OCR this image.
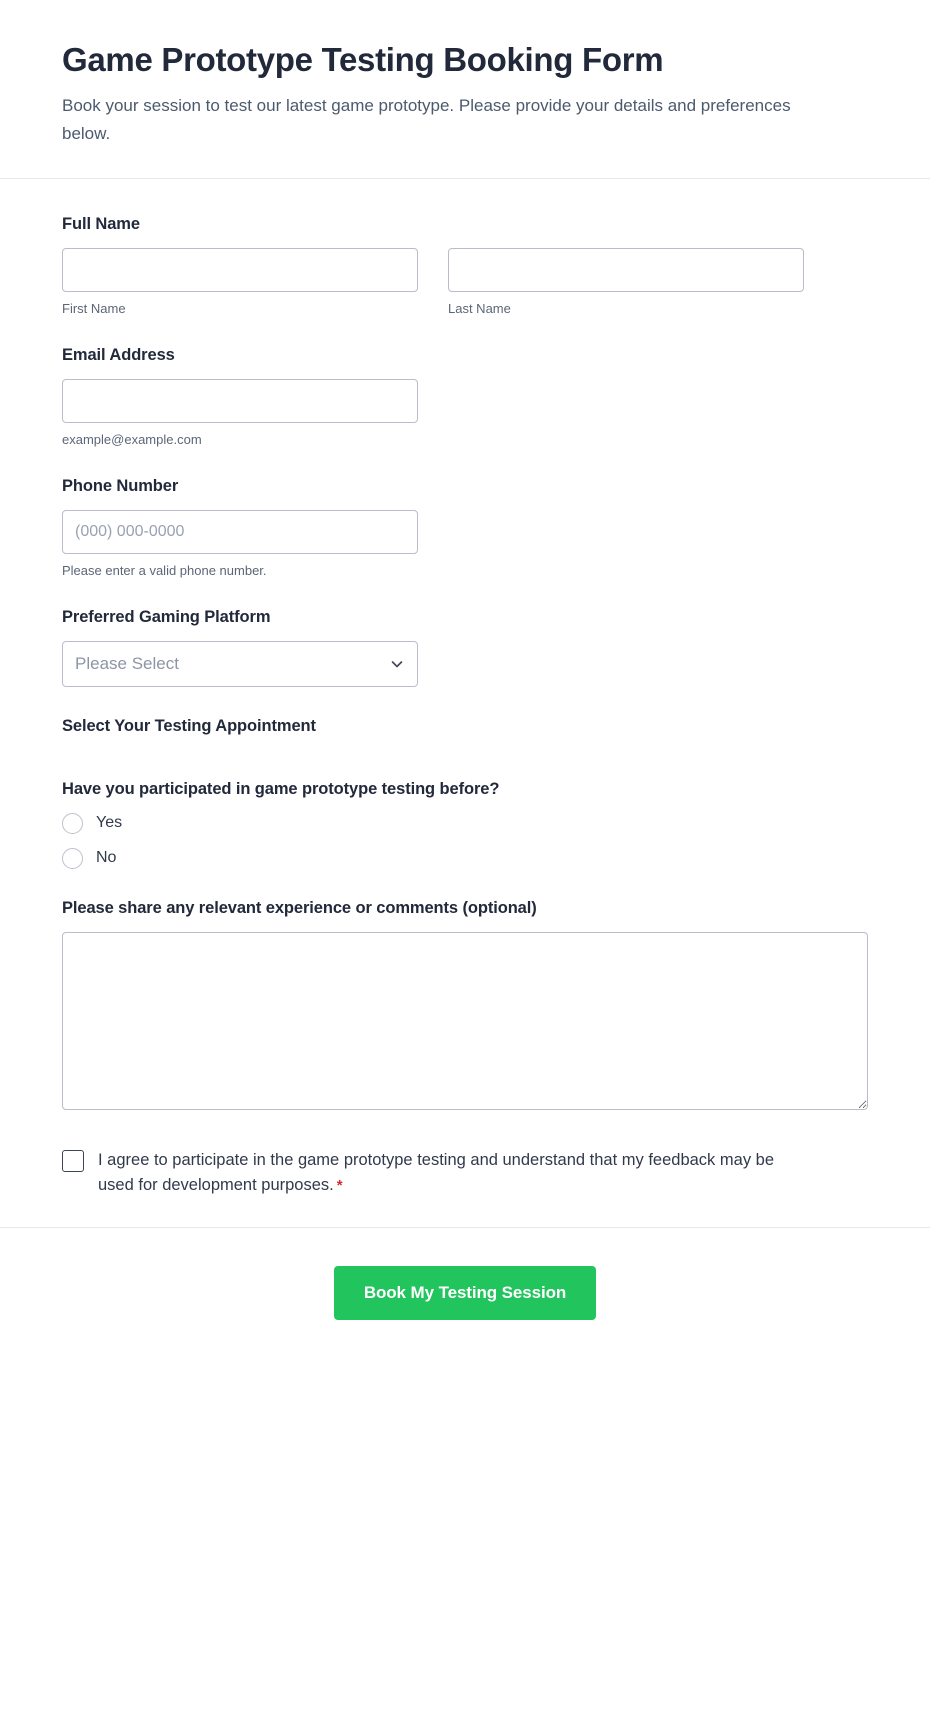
Game Prototype Testing Booking Form

Book your session to test our latest game prototype. Please provide your details and preferences below.

Full Name
First Name	Last Name
Email Address
example@example.com
Phone Number
(000) 000-0000
Please enter a valid phone number.
Preferred Gaming Platform
Please Select
Select Your Testing Appointment
Have you participated in game prototype testing before?
Yes
No
Please share any relevant experience or comments (optional)
I agree to participate in the game prototype testing and understand that my feedback may be used for development purposes. *
Book My Testing Session
